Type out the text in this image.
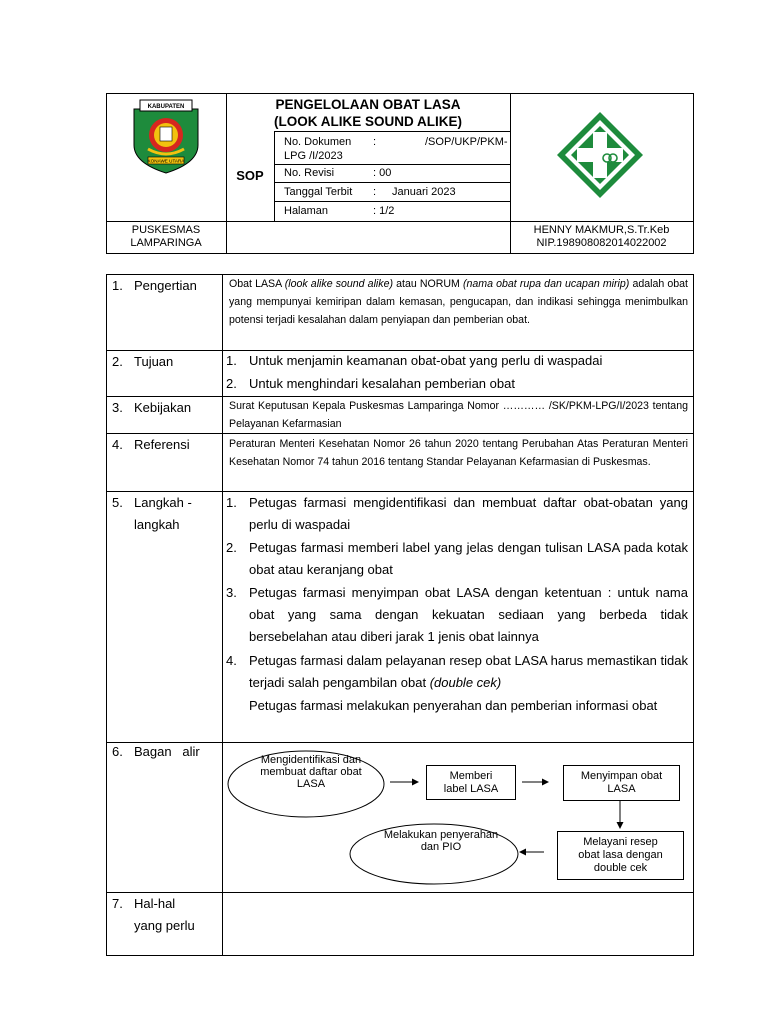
KABUPATEN
KONAWE UTARA
PENGELOLAAN OBAT LASA
(LOOK ALIKE SOUND ALIKE)
SOP
No. Dokumen :	/SOP/UKP/PKM-
LPG /I/2023
No. Revisi	: 00
Tanggal Terbit : Januari 2023
Halaman	: 1/2
PUSKESMAS
LAMPARINGA
HENNY MAKMUR,S.Tr.Keb
NIP.198908082014022002
1. Pengertian	Obat LASA (look alike sound alike) atau NORUM (nama obat rupa dan ucapan mirip) adalah obat yang mempunyai kemiripan dalam kemasan, pengucapan, dan indikasi sehingga menimbulkan potensi terjadi kesalahan dalam penyiapan dan pemberian obat.
2. Tujuan	1. Untuk menjamin keamanan obat-obat yang perlu di waspadai
2. Untuk menghindari kesalahan pemberian obat
3. Kebijakan	Surat Keputusan Kepala Puskesmas Lamparinga Nomor ………… /SK/PKM-LPG/I/2023 tentang Pelayanan Kefarmasian
4. Referensi	Peraturan Menteri Kesehatan Nomor 26 tahun 2020 tentang Perubahan Atas Peraturan Menteri Kesehatan Nomor 74 tahun 2016 tentang Standar Pelayanan Kefarmasian di Puskesmas.
5. Langkah -
langkah
1. Petugas farmasi mengidentifikasi dan membuat daftar obat-obatan yang perlu di waspadai
2. Petugas farmasi memberi label yang jelas dengan tulisan LASA pada kotak obat atau keranjang obat
3. Petugas farmasi menyimpan obat LASA dengan ketentuan : untuk nama obat yang sama dengan kekuatan sediaan yang berbeda tidak bersebelahan atau diberi jarak 1 jenis obat lainnya
4. Petugas farmasi dalam pelayanan resep obat LASA harus memastikan tidak terjadi salah pengambilan obat (double cek)
Petugas farmasi melakukan penyerahan dan pemberian informasi obat
6. Bagan   alir
Mengidentifikasi dan
membuat daftar obat
LASA
Memberi
label LASA
Menyimpan obat
LASA
Melayani resep
obat lasa dengan
double cek
Melakukan penyerahan
dan PIO
7. Hal-hal
yang perlu
